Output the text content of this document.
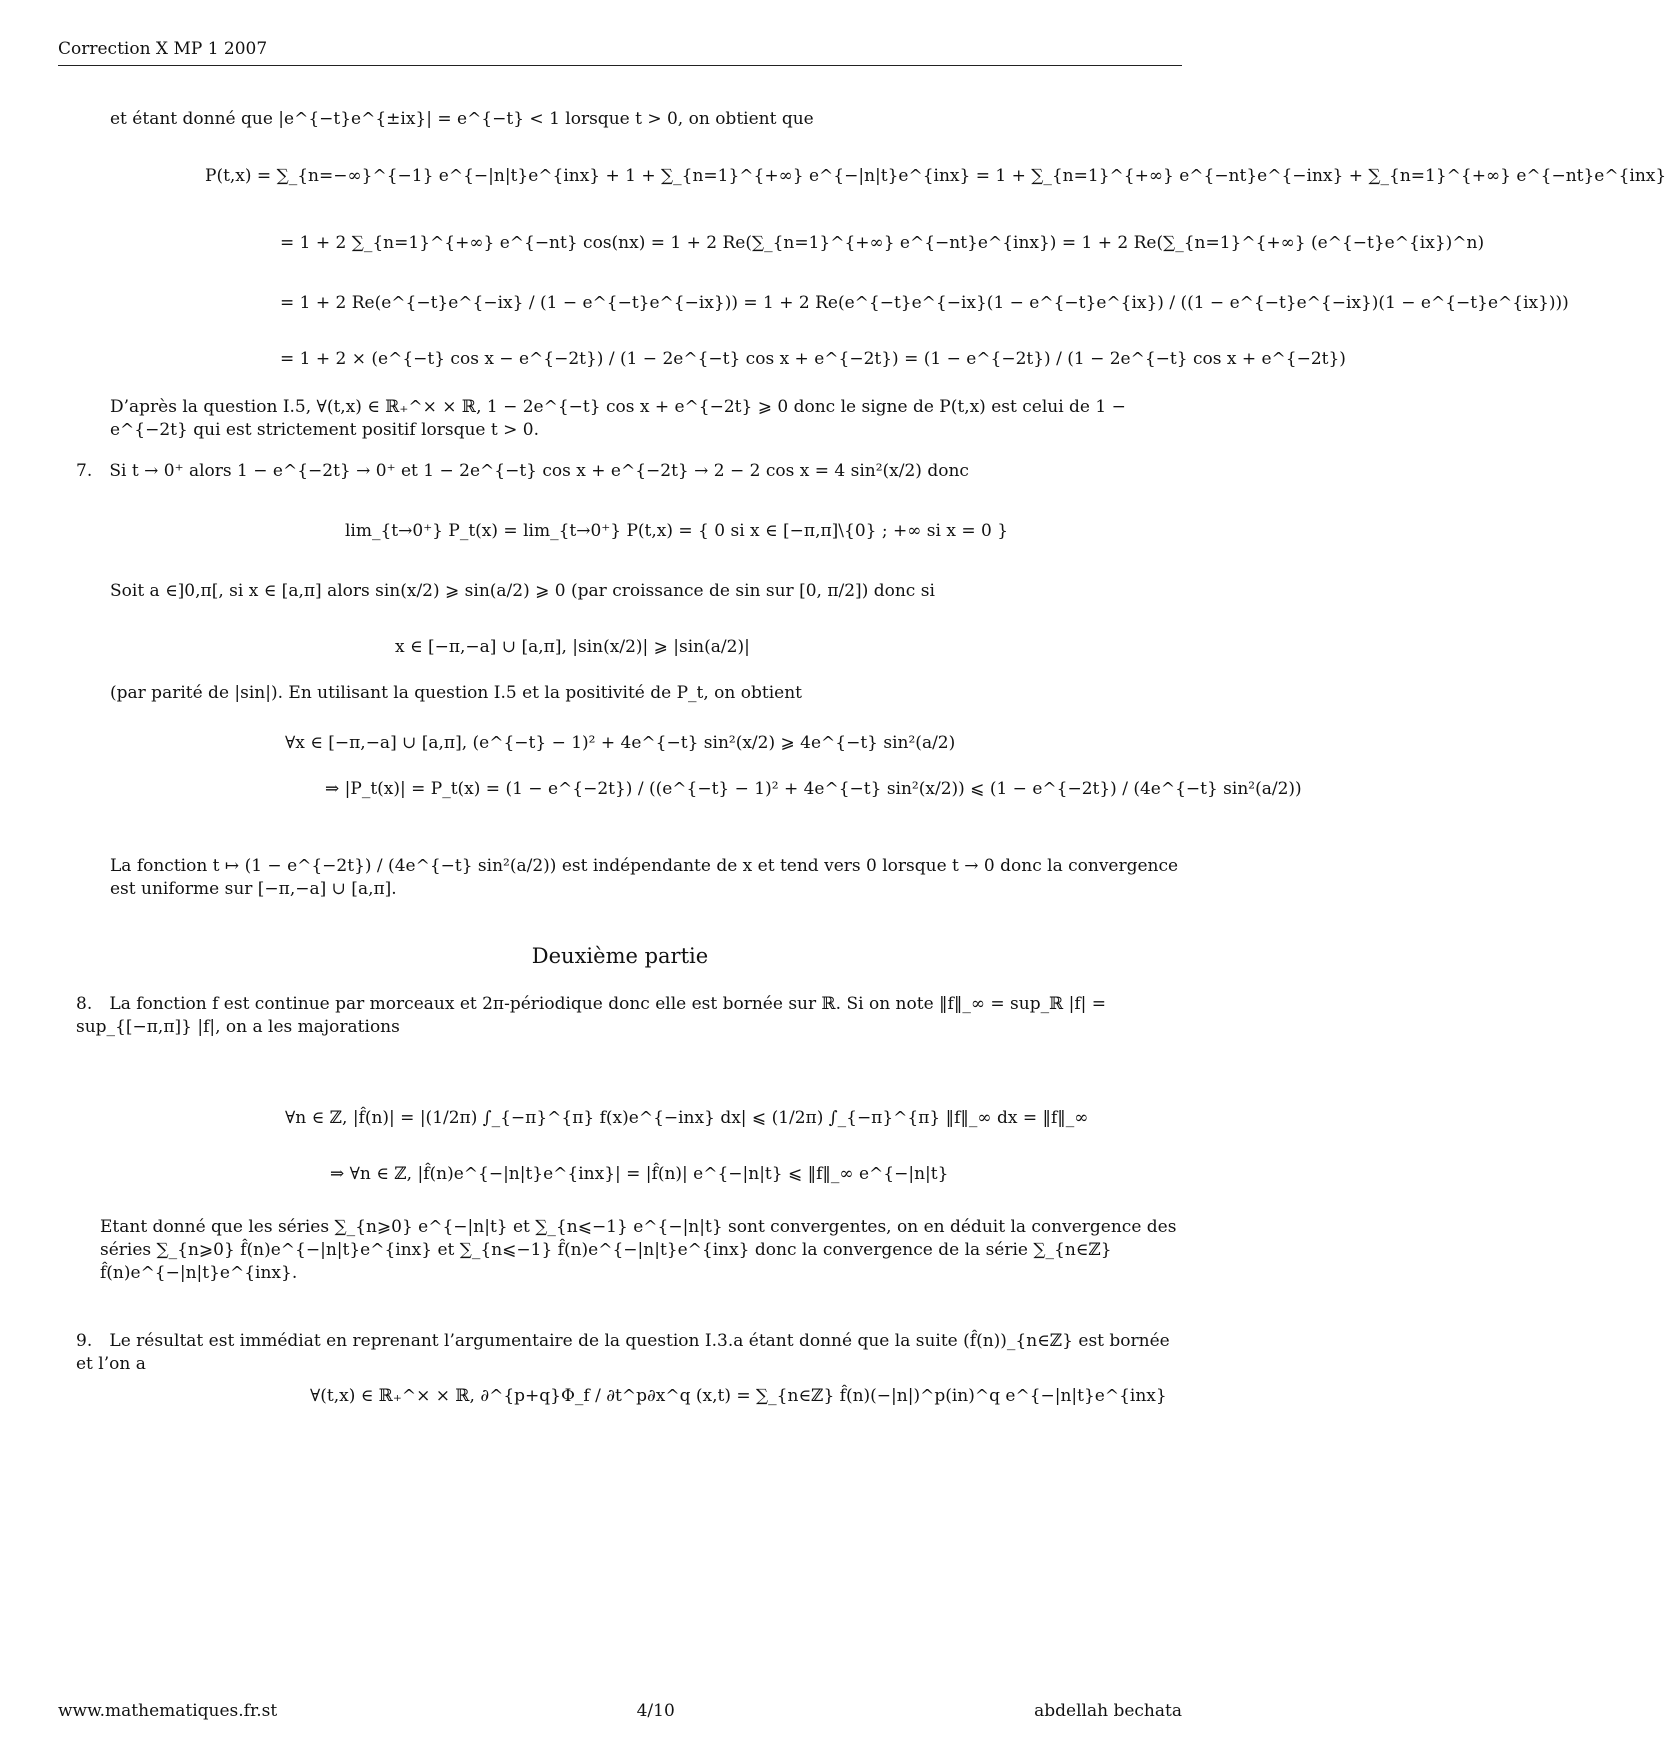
Correction X MP 1 2007
et étant donné que |e^{−t}e^{±ix}| = e^{−t} < 1 lorsque t > 0, on obtient que
P(t,x) = ∑_{n=−∞}^{−1} e^{−|n|t}e^{inx} + 1 + ∑_{n=1}^{+∞} e^{−|n|t}e^{inx} = 1 + ∑_{n=1}^{+∞} e^{−nt}e^{−inx} + ∑_{n=1}^{+∞} e^{−nt}e^{inx}
= 1 + 2 ∑_{n=1}^{+∞} e^{−nt} cos(nx) = 1 + 2 Re(∑_{n=1}^{+∞} e^{−nt}e^{inx}) = 1 + 2 Re(∑_{n=1}^{+∞} (e^{−t}e^{ix})^n)
= 1 + 2 Re(e^{−t}e^{−ix} / (1 − e^{−t}e^{−ix})) = 1 + 2 Re(e^{−t}e^{−ix}(1 − e^{−t}e^{ix}) / ((1 − e^{−t}e^{−ix})(1 − e^{−t}e^{ix})))
= 1 + 2 × (e^{−t} cos x − e^{−2t}) / (1 − 2e^{−t} cos x + e^{−2t}) = (1 − e^{−2t}) / (1 − 2e^{−t} cos x + e^{−2t})
D’après la question I.5, ∀(t,x) ∈ ℝ₊^× × ℝ, 1 − 2e^{−t} cos x + e^{−2t} ⩾ 0 donc le signe de P(t,x) est celui de 1 − e^{−2t} qui est strictement positif lorsque t > 0.
7. Si t → 0⁺ alors 1 − e^{−2t} → 0⁺ et 1 − 2e^{−t} cos x + e^{−2t} → 2 − 2 cos x = 4 sin²(x/2) donc
lim_{t→0⁺} P_t(x) = lim_{t→0⁺} P(t,x) = { 0 si x ∈ [−π,π]\{0} ; +∞ si x = 0 }
Soit a ∈]0,π[, si x ∈ [a,π] alors sin(x/2) ⩾ sin(a/2) ⩾ 0 (par croissance de sin sur [0, π/2]) donc si
x ∈ [−π,−a] ∪ [a,π], |sin(x/2)| ⩾ |sin(a/2)|
(par parité de |sin|). En utilisant la question I.5 et la positivité de P_t, on obtient
∀x ∈ [−π,−a] ∪ [a,π], (e^{−t} − 1)² + 4e^{−t} sin²(x/2) ⩾ 4e^{−t} sin²(a/2)
⇒ |P_t(x)| = P_t(x) = (1 − e^{−2t}) / ((e^{−t} − 1)² + 4e^{−t} sin²(x/2)) ⩽ (1 − e^{−2t}) / (4e^{−t} sin²(a/2))
La fonction t ↦ (1 − e^{−2t}) / (4e^{−t} sin²(a/2)) est indépendante de x et tend vers 0 lorsque t → 0 donc la convergence est uniforme sur [−π,−a] ∪ [a,π].
Deuxième partie
8. La fonction f est continue par morceaux et 2π-périodique donc elle est bornée sur ℝ. Si on note ‖f‖_∞ = sup_ℝ |f| = sup_{[−π,π]} |f|, on a les majorations
∀n ∈ ℤ, |f̂(n)| = |(1/2π) ∫_{−π}^{π} f(x)e^{−inx} dx| ⩽ (1/2π) ∫_{−π}^{π} ‖f‖_∞ dx = ‖f‖_∞
⇒ ∀n ∈ ℤ, |f̂(n)e^{−|n|t}e^{inx}| = |f̂(n)| e^{−|n|t} ⩽ ‖f‖_∞ e^{−|n|t}
Etant donné que les séries ∑_{n⩾0} e^{−|n|t} et ∑_{n⩽−1} e^{−|n|t} sont convergentes, on en déduit la convergence des séries ∑_{n⩾0} f̂(n)e^{−|n|t}e^{inx} et ∑_{n⩽−1} f̂(n)e^{−|n|t}e^{inx} donc la convergence de la série ∑_{n∈ℤ} f̂(n)e^{−|n|t}e^{inx}.
9. Le résultat est immédiat en reprenant l’argumentaire de la question I.3.a étant donné que la suite (f̂(n))_{n∈ℤ} est bornée et l’on a
∀(t,x) ∈ ℝ₊^× × ℝ, ∂^{p+q}Φ_f / ∂t^p∂x^q (x,t) = ∑_{n∈ℤ} f̂(n)(−|n|)^p(in)^q e^{−|n|t}e^{inx}
www.mathematiques.fr.st	4/10	abdellah bechata
